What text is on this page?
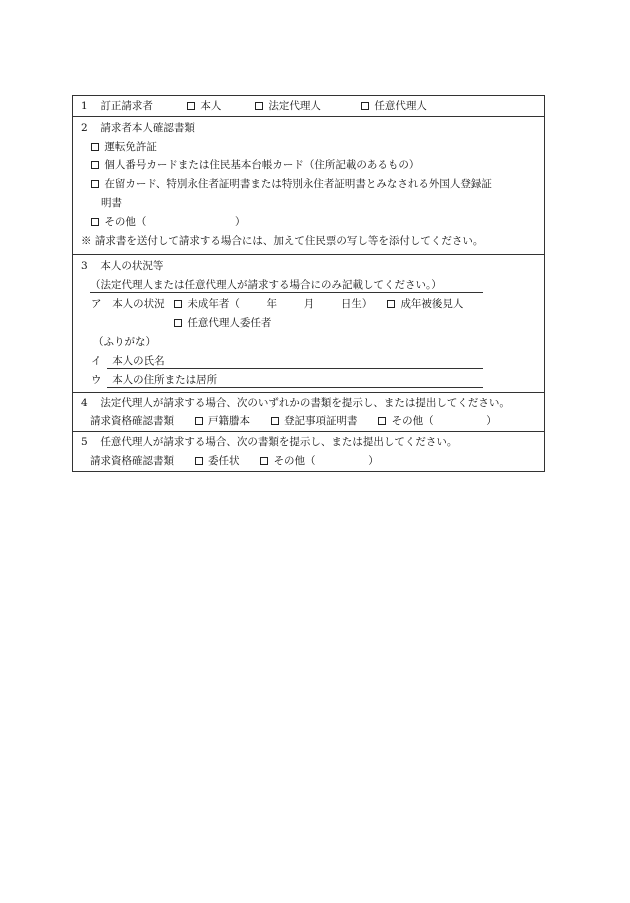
1 訂正請求者	本人	法定代理人	任意代理人
2 請求者本人確認書類
運転免許証
個人番号カードまたは住民基本台帳カード（住所記載のあるもの）
在留カード、特別永住者証明書または特別永住者証明書とみなされる外国人登録証
明書
その他（	）
※ 請求書を送付して請求する場合には、加えて住民票の写し等を添付してください。
3 本人の状況等
（法定代理人または任意代理人が請求する場合にのみ記載してください。）
ア 本人の状況	未成年者（	年	月	日生）	成年被後見人
任意代理人委任者
（ふりがな）
イ 本人の氏名
ウ 本人の住所または居所
4 法定代理人が請求する場合、次のいずれかの書類を提示し、または提出してください。
請求資格確認書類	戸籍謄本	登記事項証明書	その他（	）
5 任意代理人が請求する場合、次の書類を提示し、または提出してください。
請求資格確認書類	委任状	その他（	）
